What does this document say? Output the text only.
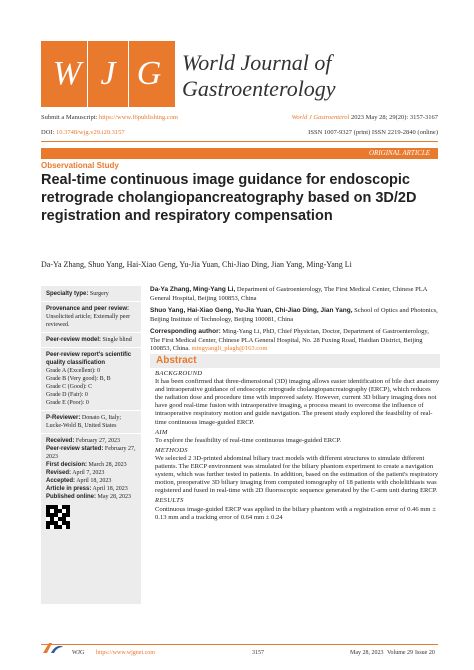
W J G World Journal of
Gastroenterology
Submit a Manuscript: https://www.f6publishing.com	World J Gastroenterol 2023 May 28; 29(20): 3157-3167
DOI: 10.3748/wjg.v29.i20.3157	ISSN 1007-9327 (print) ISSN 2219-2840 (online)
ORIGINAL ARTICLE
Observational Study
Real-time continuous image guidance for endoscopic retrograde cholangiopancreatography based on 3D/2D registration and respiratory compensation
Da-Ya Zhang, Shuo Yang, Hai-Xiao Geng, Yu-Jia Yuan, Chi-Jiao Ding, Jian Yang, Ming-Yang Li
Specialty type: Surgery
Provenance and peer review:
Unsolicited article; Externally peer reviewed.
Peer-review model: Single blind
Peer-review report's scientific quality classification
Grade A (Excellent): 0
Grade B (Very good): B, B
Grade C (Good): C
Grade D (Fair): 0
Grade E (Poor): 0
P-Reviewer: Donato G, Italy; Lucke-Wold B, United States
Received: February 27, 2023
Peer-review started: February 27, 2023
First decision: March 28, 2023
Revised: April 7, 2023
Accepted: April 18, 2023
Article in press: April 18, 2023
Published online: May 28, 2023

Da-Ya Zhang, Ming-Yang Li, Department of Gastroenterology, The First Medical Center, Chinese PLA General Hospital, Beijing 100853, China

Shuo Yang, Hai-Xiao Geng, Yu-Jia Yuan, Chi-Jiao Ding, Jian Yang, School of Optics and Photonics, Beijing Institute of Technology, Beijing 100081, China

Corresponding author: Ming-Yang Li, PhD, Chief Physician, Doctor, Department of Gastroenterology, The First Medical Center, Chinese PLA General Hospital, No. 28 Fuxing Road, Haidian District, Beijing 100853, China. mingyangli_plagh@163.com

Abstract
BACKGROUND

It has been confirmed that three-dimensional (3D) imaging allows easier identification of bile duct anatomy and intraoperative guidance of endoscopic retrograde cholangiopancreatography (ERCP), which reduces the radiation dose and procedure time with improved safety. However, current 3D biliary imaging does not have good real-time fusion with intraoperative imaging, a process meant to overcome the influence of intraoperative respiratory motion and guide navigation. The present study explored the feasibility of real-time continuous image-guided ERCP.

AIM

To explore the feasibility of real-time continuous image-guided ERCP.

METHODS

We selected 2 3D-printed abdominal biliary tract models with different structures to simulate different patients. The ERCP environment was simulated for the biliary phantom experiment to create a navigation system, which was further tested in patients. In addition, based on the estimation of the patient's respiratory motion, preoperative 3D biliary imaging from computed tomography of 18 patients with cholelithiasis was registered and fused in real-time with 2D fluoroscopic sequence generated by the C-arm unit during ERCP.

RESULTS

Continuous image-guided ERCP was applied in the biliary phantom with a registration error of 0.46 mm ± 0.13 mm and a tracking error of 0.64 mm ± 0.24

WJG https://www.wjgnet.com	3157	May 28, 2023 Volume 29 Issue 20
